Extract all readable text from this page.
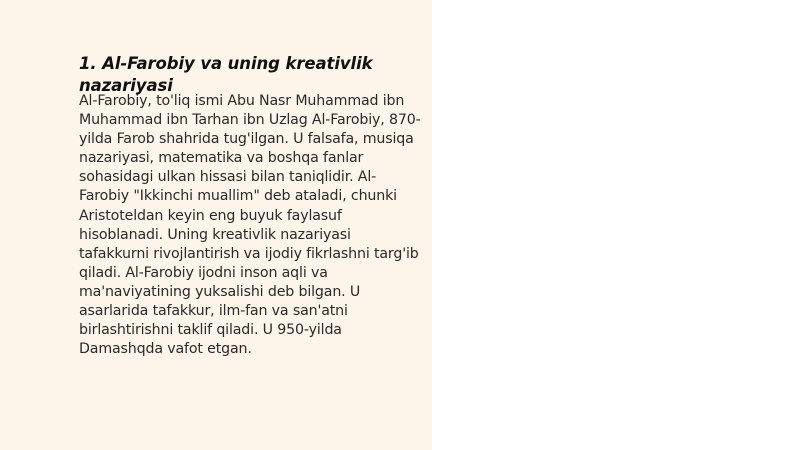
1. Al-Farobiy va uning kreativlik nazariyasi

Al-Farobiy, to'liq ismi Abu Nasr Muhammad ibn Muhammad ibn Tarhan ibn Uzlag Al-Farobiy, 870-yilda Farob shahrida tug'ilgan. U falsafa, musiqa nazariyasi, matematika va boshqa fanlar sohasidagi ulkan hissasi bilan taniqlidir. Al-Farobiy "Ikkinchi muallim" deb ataladi, chunki Aristoteldan keyin eng buyuk faylasuf hisoblanadi. Uning kreativlik nazariyasi tafakkurni rivojlantirish va ijodiy fikrlashni targ'ib qiladi. Al-Farobiy ijodni inson aqli va ma'naviyatining yuksalishi deb bilgan. U asarlarida tafakkur, ilm-fan va san'atni birlashtirishni taklif qiladi. U 950-yilda Damashqda vafot etgan.
